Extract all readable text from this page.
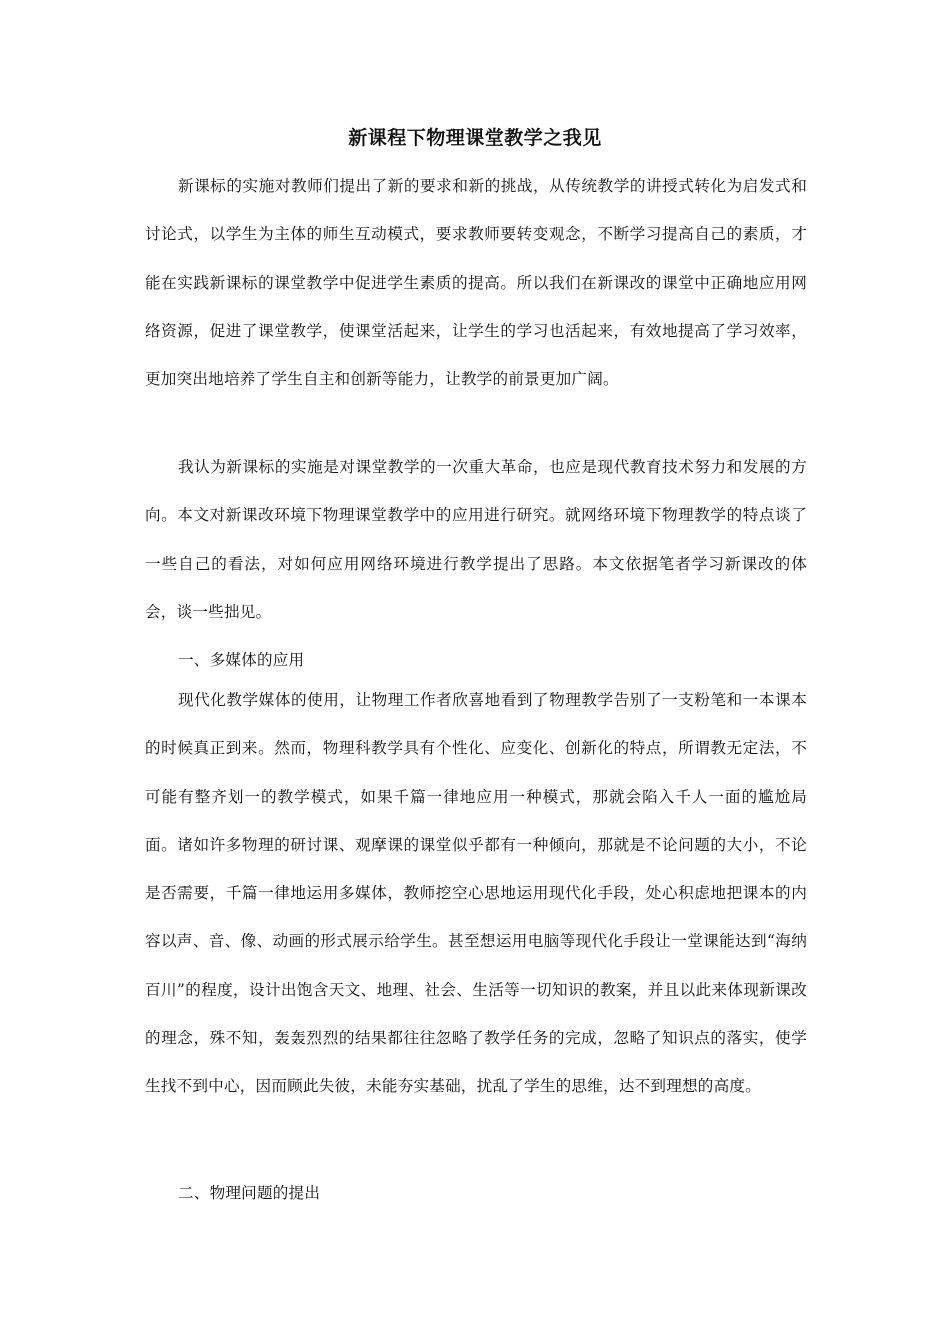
新课程下物理课堂教学之我见

新课标的实施对教师们提出了新的要求和新的挑战，从传统教学的讲授式转化为启发式和讨论式，以学生为主体的师生互动模式，要求教师要转变观念，不断学习提高自己的素质，才能在实践新课标的课堂教学中促进学生素质的提高。所以我们在新课改的课堂中正确地应用网络资源，促进了课堂教学，使课堂活起来，让学生的学习也活起来，有效地提高了学习效率，更加突出地培养了学生自主和创新等能力，让教学的前景更加广阔。

我认为新课标的实施是对课堂教学的一次重大革命，也应是现代教育技术努力和发展的方向。本文对新课改环境下物理课堂教学中的应用进行研究。就网络环境下物理教学的特点谈了一些自己的看法，对如何应用网络环境进行教学提出了思路。本文依据笔者学习新课改的体会，谈一些拙见。

一、多媒体的应用

现代化教学媒体的使用，让物理工作者欣喜地看到了物理教学告别了一支粉笔和一本课本的时候真正到来。然而，物理科教学具有个性化、应变化、创新化的特点，所谓教无定法，不可能有整齐划一的教学模式，如果千篇一律地应用一种模式，那就会陷入千人一面的尴尬局面。诸如许多物理的研讨课、观摩课的课堂似乎都有一种倾向，那就是不论问题的大小，不论是否需要，千篇一律地运用多媒体，教师挖空心思地运用现代化手段，处心积虑地把课本的内容以声、音、像、动画的形式展示给学生。甚至想运用电脑等现代化手段让一堂课能达到“海纳百川”的程度，设计出饱含天文、地理、社会、生活等一切知识的教案，并且以此来体现新课改的理念，殊不知，轰轰烈烈的结果都往往忽略了教学任务的完成，忽略了知识点的落实，使学生找不到中心，因而顾此失彼，未能夯实基础，扰乱了学生的思维，达不到理想的高度。

二、物理问题的提出
